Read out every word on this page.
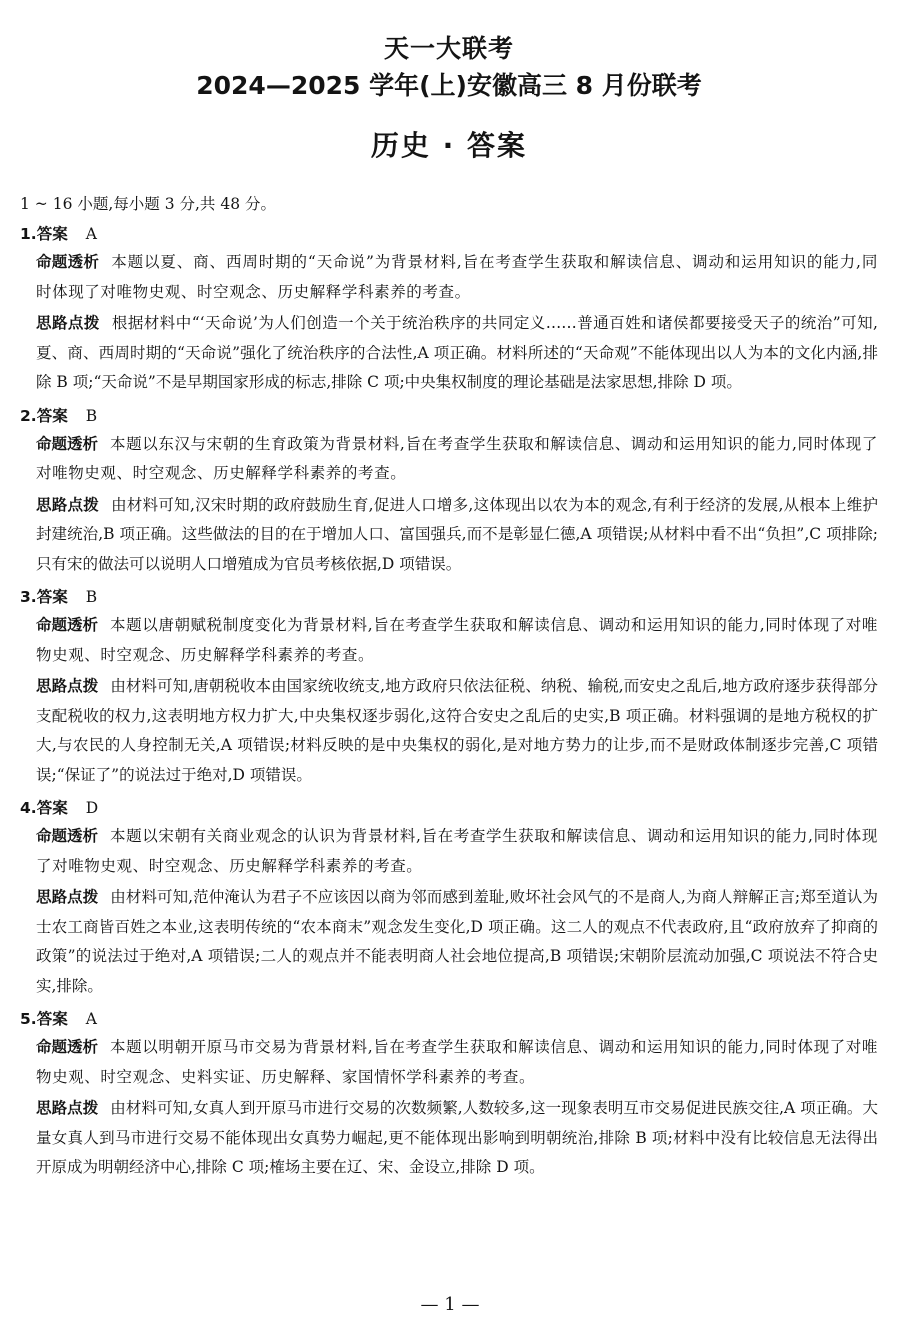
天一大联考
2024—2025 学年(上)安徽高三 8 月份联考
历史 · 答案
1 ~ 16 小题,每小题 3 分,共 48 分。
1.答案 A
命题透析 本题以夏、商、西周时期的“天命说”为背景材料,旨在考查学生获取和解读信息、调动和运用知识的能力,同时体现了对唯物史观、时空观念、历史解释学科素养的考查。
思路点拨 根据材料中“‘天命说’为人们创造一个关于统治秩序的共同定义……普通百姓和诸侯都要接受天子的统治”可知,夏、商、西周时期的“天命说”强化了统治秩序的合法性,A 项正确。材料所述的“天命观”不能体现出以人为本的文化内涵,排除 B 项;“天命说”不是早期国家形成的标志,排除 C 项;中央集权制度的理论基础是法家思想,排除 D 项。
2.答案 B
命题透析 本题以东汉与宋朝的生育政策为背景材料,旨在考查学生获取和解读信息、调动和运用知识的能力,同时体现了对唯物史观、时空观念、历史解释学科素养的考查。
思路点拨 由材料可知,汉宋时期的政府鼓励生育,促进人口增多,这体现出以农为本的观念,有利于经济的发展,从根本上维护封建统治,B 项正确。这些做法的目的在于增加人口、富国强兵,而不是彰显仁德,A 项错误;从材料中看不出“负担”,C 项排除;只有宋的做法可以说明人口增殖成为官员考核依据,D 项错误。
3.答案 B
命题透析 本题以唐朝赋税制度变化为背景材料,旨在考查学生获取和解读信息、调动和运用知识的能力,同时体现了对唯物史观、时空观念、历史解释学科素养的考查。
思路点拨 由材料可知,唐朝税收本由国家统收统支,地方政府只依法征税、纳税、输税,而安史之乱后,地方政府逐步获得部分支配税收的权力,这表明地方权力扩大,中央集权逐步弱化,这符合安史之乱后的史实,B 项正确。材料强调的是地方税权的扩大,与农民的人身控制无关,A 项错误;材料反映的是中央集权的弱化,是对地方势力的让步,而不是财政体制逐步完善,C 项错误;“保证了”的说法过于绝对,D 项错误。
4.答案 D
命题透析 本题以宋朝有关商业观念的认识为背景材料,旨在考查学生获取和解读信息、调动和运用知识的能力,同时体现了对唯物史观、时空观念、历史解释学科素养的考查。
思路点拨 由材料可知,范仲淹认为君子不应该因以商为邻而感到羞耻,败坏社会风气的不是商人,为商人辩解正言;郑至道认为士农工商皆百姓之本业,这表明传统的“农本商末”观念发生变化,D 项正确。这二人的观点不代表政府,且“政府放弃了抑商的政策”的说法过于绝对,A 项错误;二人的观点并不能表明商人社会地位提高,B 项错误;宋朝阶层流动加强,C 项说法不符合史实,排除。
5.答案 A
命题透析 本题以明朝开原马市交易为背景材料,旨在考查学生获取和解读信息、调动和运用知识的能力,同时体现了对唯物史观、时空观念、史料实证、历史解释、家国情怀学科素养的考查。
思路点拨 由材料可知,女真人到开原马市进行交易的次数频繁,人数较多,这一现象表明互市交易促进民族交往,A 项正确。大量女真人到马市进行交易不能体现出女真势力崛起,更不能体现出影响到明朝统治,排除 B 项;材料中没有比较信息无法得出开原成为明朝经济中心,排除 C 项;榷场主要在辽、宋、金设立,排除 D 项。
— 1 —
